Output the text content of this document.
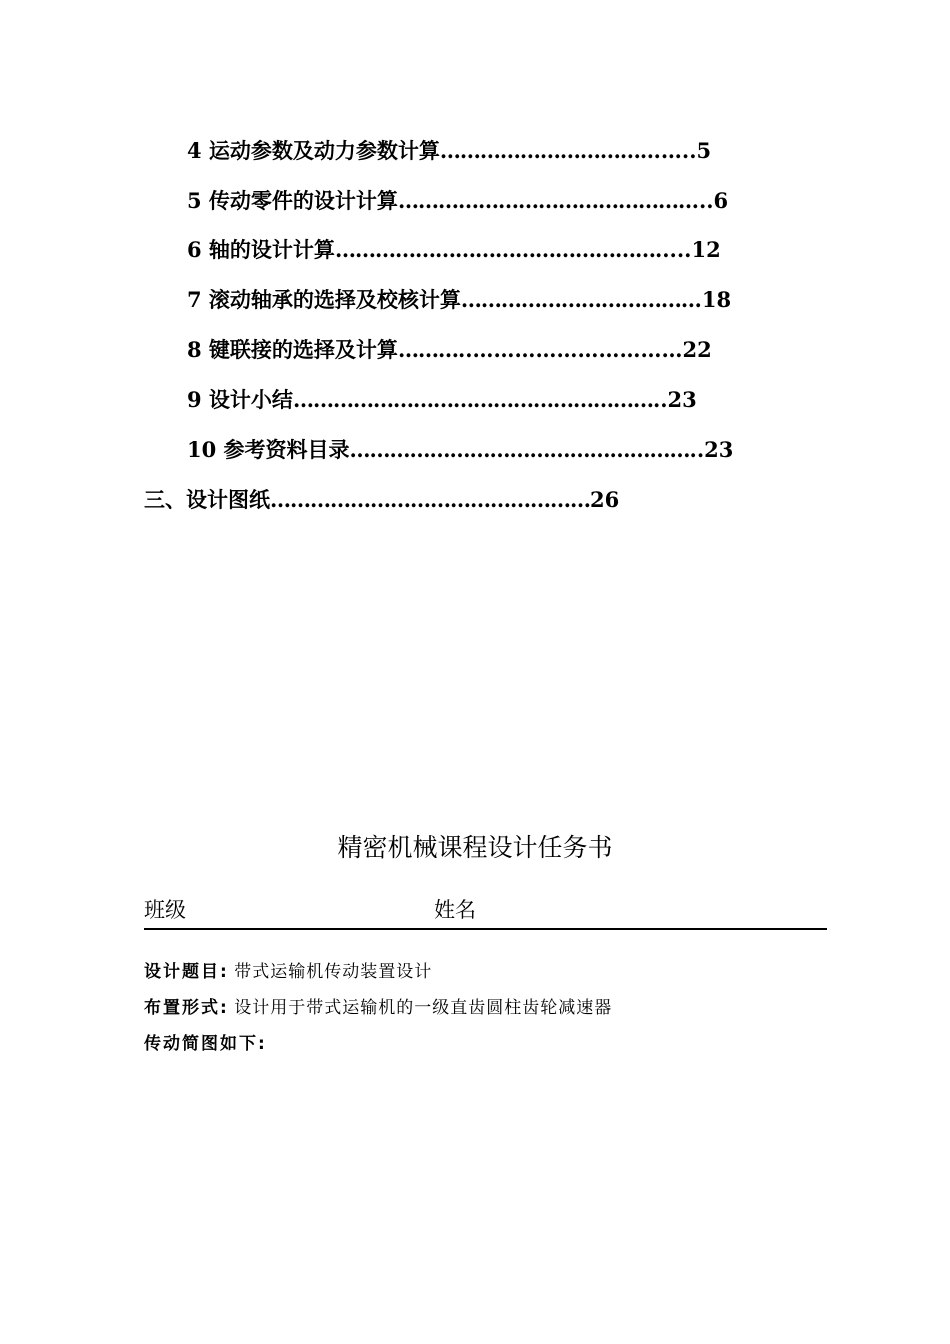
4 运动参数及动力参数计算………………………………..5
5 传动零件的设计计算………………………………………..6
6 轴的设计计算………………………………………….....12
7 滚动轴承的选择及校核计算………………………………18
8 键联接的选择及计算………..…………………………22
9 设计小结………………………………………………..23
10 参考资料目录……………………………………………..23
三、设计图纸…………………………………………26
精密机械课程设计任务书
班级	姓名
设计题目: 带式运输机传动装置设计
布置形式: 设计用于带式运输机的一级直齿圆柱齿轮减速器
传动简图如下:
